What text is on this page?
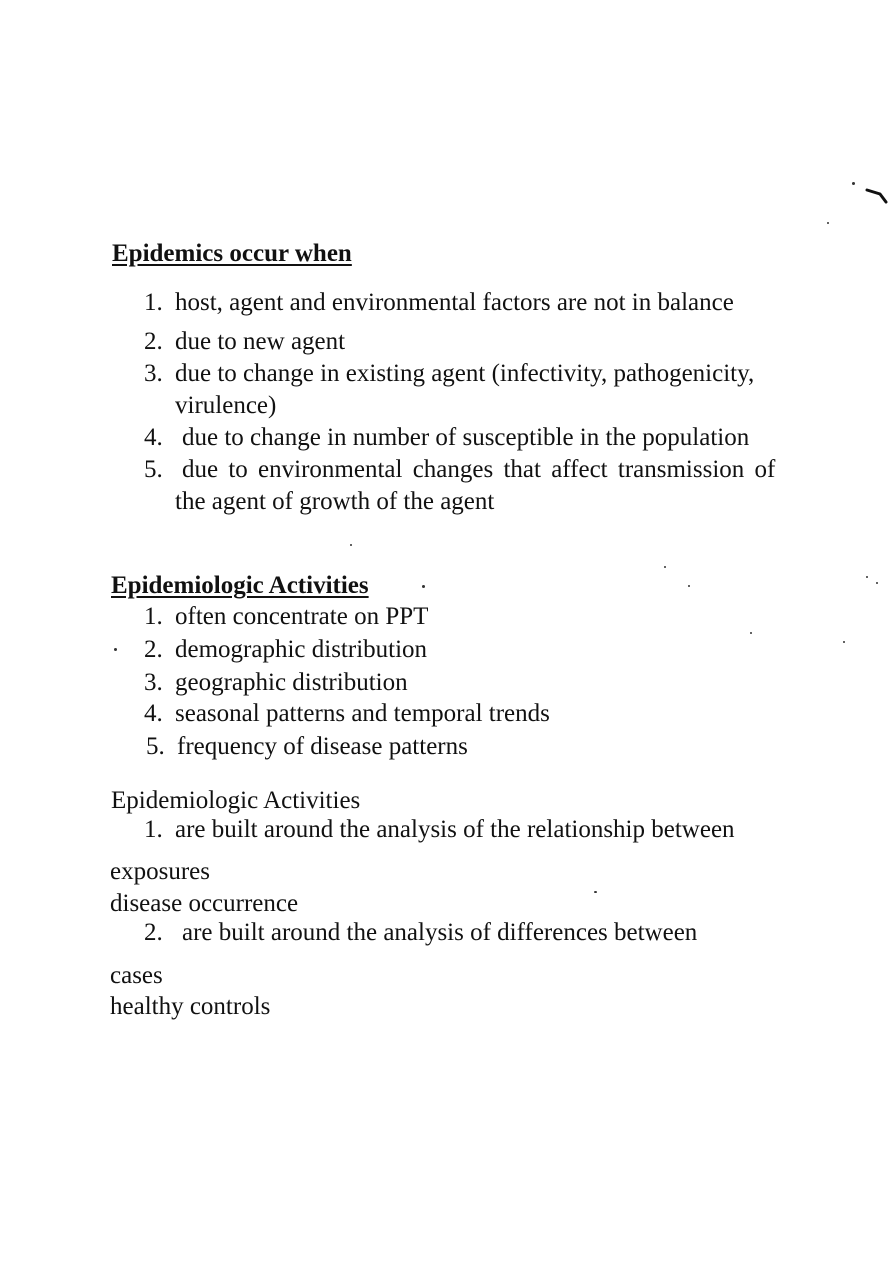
Epidemics occur when
1. host, agent and environmental factors are not in balance
2. due to new agent
3. due to change in existing agent (infectivity, pathogenicity,
virulence)
4. due to change in number of susceptible in the population
5. due to environmental changes that affect transmission of
the agent of growth of the agent
Epidemiologic Activities
1. often concentrate on PPT
2. demographic distribution
3. geographic distribution
4. seasonal patterns and temporal trends
5. frequency of disease patterns
Epidemiologic Activities
1. are built around the analysis of the relationship between
exposures
disease occurrence
2. are built around the analysis of differences between
cases
healthy controls
